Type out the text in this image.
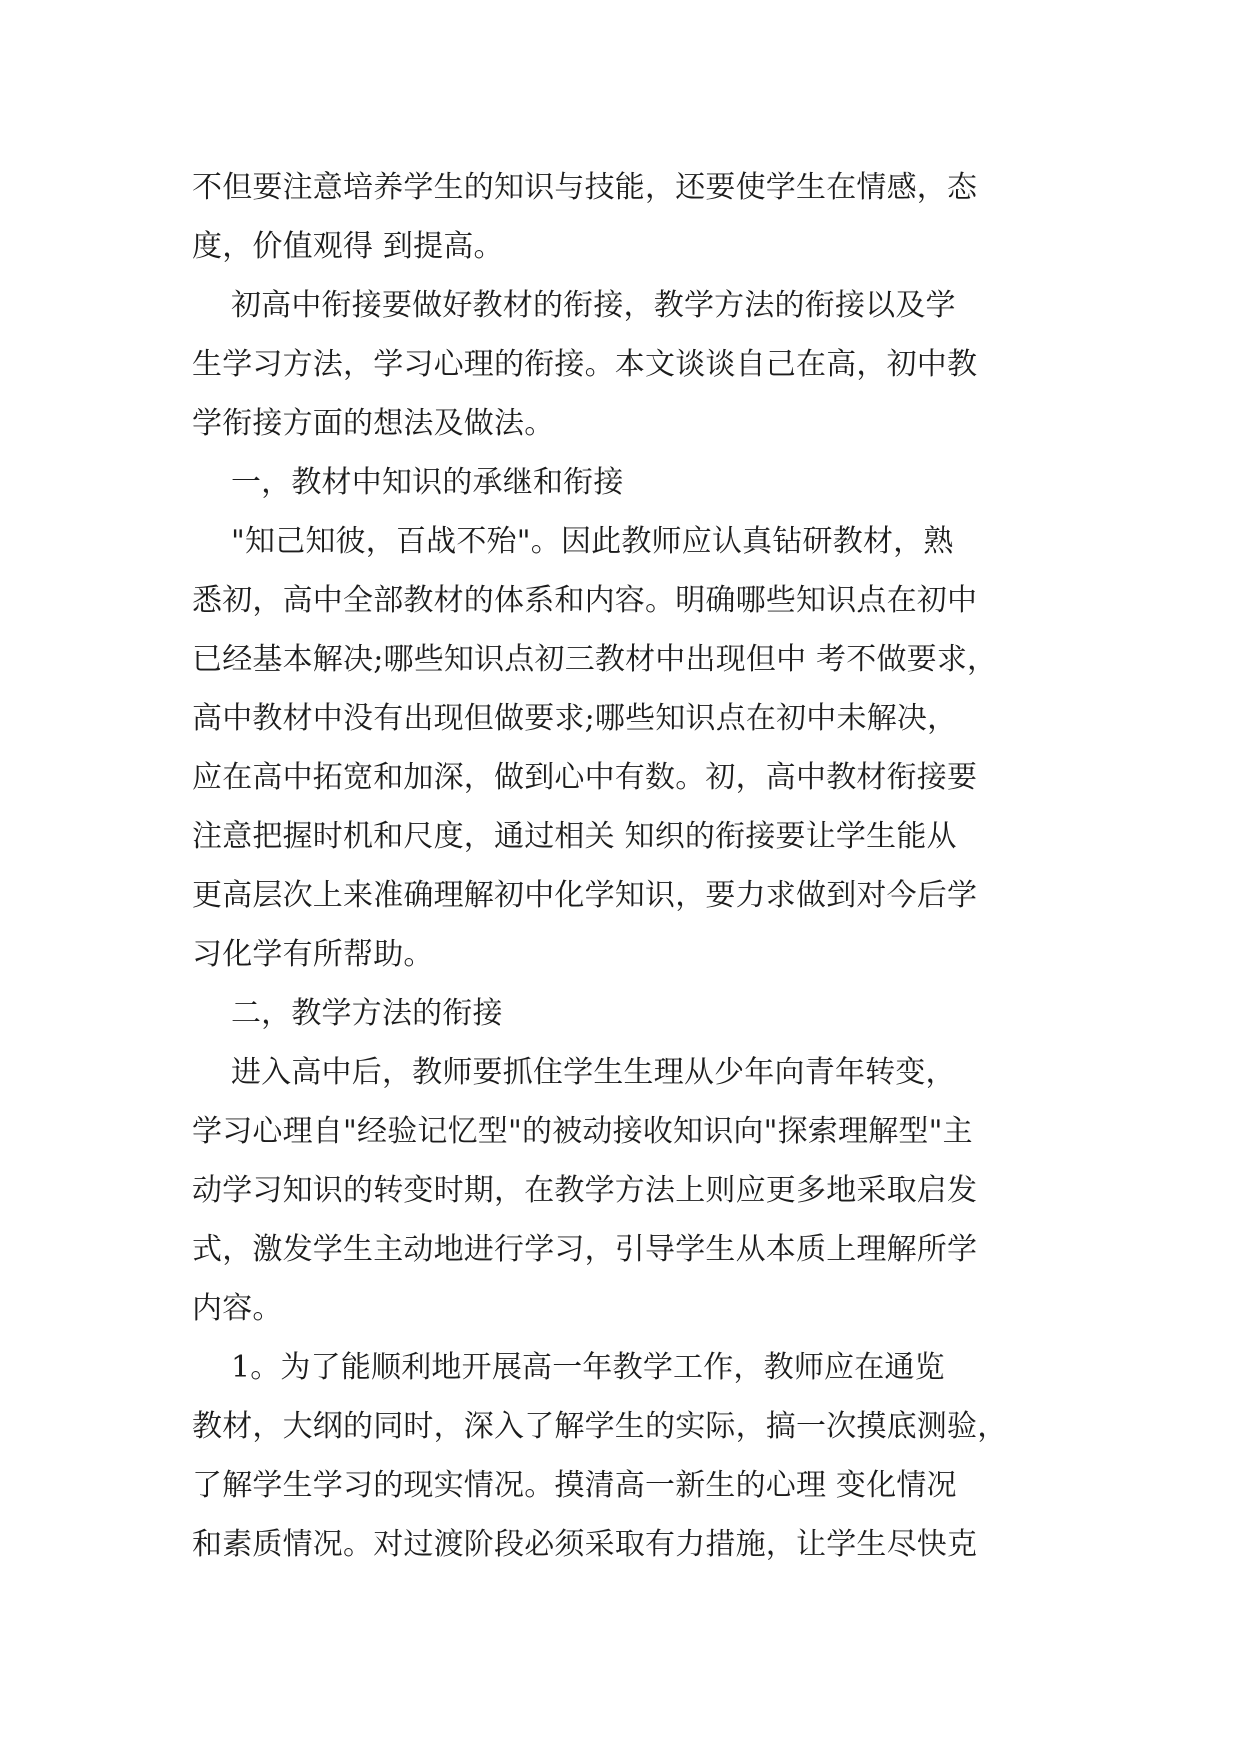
不但要注意培养学生的知识与技能，还要使学生在情感，态
度，价值观得 到提高。
初高中衔接要做好教材的衔接，教学方法的衔接以及学
生学习方法，学习心理的衔接。本文谈谈自己在高，初中教
学衔接方面的想法及做法。
一，教材中知识的承继和衔接
"知己知彼，百战不殆"。因此教师应认真钻研教材，熟
悉初，高中全部教材的体系和内容。明确哪些知识点在初中
已经基本解决;哪些知识点初三教材中出现但中 考不做要求，
高中教材中没有出现但做要求;哪些知识点在初中未解决，
应在高中拓宽和加深，做到心中有数。初，高中教材衔接要
注意把握时机和尺度，通过相关 知织的衔接要让学生能从
更高层次上来准确理解初中化学知识，要力求做到对今后学
习化学有所帮助。
二，教学方法的衔接
进入高中后，教师要抓住学生生理从少年向青年转变，
学习心理自"经验记忆型"的被动接收知识向"探索理解型"主
动学习知识的转变时期，在教学方法上则应更多地采取启发
式，激发学生主动地进行学习，引导学生从本质上理解所学
内容。
1。为了能顺利地开展高一年教学工作，教师应在通览
教材，大纲的同时，深入了解学生的实际，搞一次摸底测验，
了解学生学习的现实情况。摸清高一新生的心理 变化情况
和素质情况。对过渡阶段必须采取有力措施，让学生尽快克
